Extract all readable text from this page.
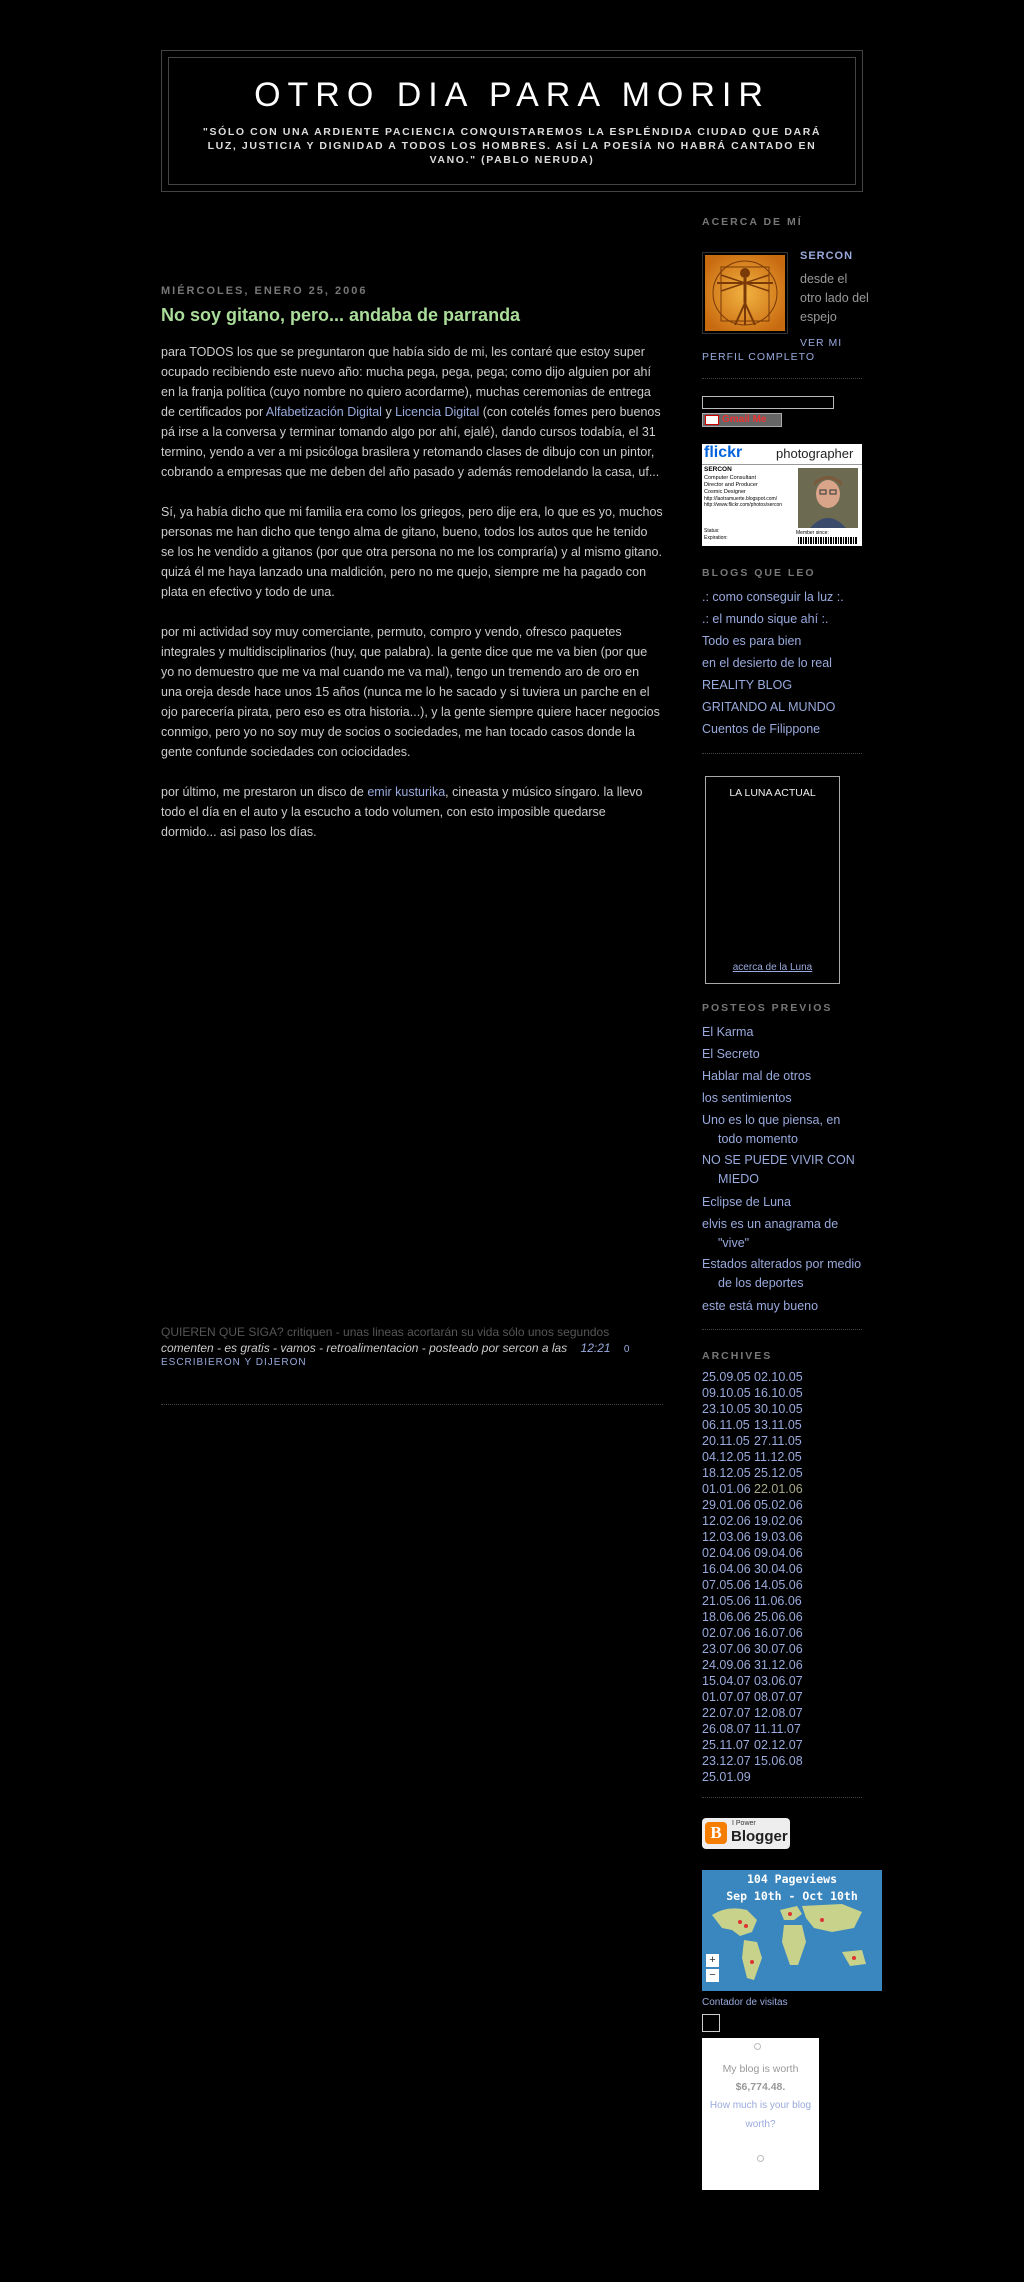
OTRO DIA PARA MORIR

"SÓLO CON UNA ARDIENTE PACIENCIA CONQUISTAREMOS LA ESPLÉNDIDA CIUDAD QUE DARÁ LUZ, JUSTICIA Y DIGNIDAD A TODOS LOS HOMBRES. ASÍ LA POESÍA NO HABRÁ CANTADO EN VANO." (PABLO NERUDA)

MIÉRCOLES, ENERO 25, 2006
No soy gitano, pero... andaba de parranda

para TODOS los que se preguntaron que había sido de mi, les contaré que estoy super ocupado recibiendo este nuevo año: mucha pega, pega, pega; como dijo alguien por ahí en la franja política (cuyo nombre no quiero acordarme), muchas ceremonias de entrega de certificados por Alfabetización Digital y Licencia Digital (con cotelés fomes pero buenos pá irse a la conversa y terminar tomando algo por ahí, ejalé), dando cursos todabía, el 31 termino, yendo a ver a mi psicóloga brasilera y retomando clases de dibujo con un pintor, cobrando a empresas que me deben del año pasado y además remodelando la casa, uf...

Sí, ya había dicho que mi familia era como los griegos, pero dije era, lo que es yo, muchos personas me han dicho que tengo alma de gitano, bueno, todos los autos que he tenido se los he vendido a gitanos (por que otra persona no me los compraría) y al mismo gitano. quizá él me haya lanzado una maldición, pero no me quejo, siempre me ha pagado con plata en efectivo y todo de una.

por mi actividad soy muy comerciante, permuto, compro y vendo, ofresco paquetes integrales y multidisciplinarios (huy, que palabra). la gente dice que me va bien (por que yo no demuestro que me va mal cuando me va mal), tengo un tremendo aro de oro en una oreja desde hace unos 15 años (nunca me lo he sacado y si tuviera un parche en el ojo parecería pirata, pero eso es otra historia...), y la gente siempre quiere hacer negocios conmigo, pero yo no soy muy de socios o sociedades, me han tocado casos donde la gente confunde sociedades con ociocidades.

por último, me prestaron un disco de emir kusturika, cineasta y músico síngaro. la llevo todo el día en el auto y la escucho a todo volumen, con esto imposible quedarse dormido... asi paso los días.

QUIEREN QUE SIGA? critiquen - unas lineas acortarán su vida sólo unos segundos
comenten - es gratis - vamos - retroalimentacion - posteado por sercon a las 12:21 0
ESCRIBIERON Y DIJERON
ACERCA DE MÍ
SERCON
desde el otro lado del espejo
VER MI

PERFIL COMPLETO
Gmail Me
flickr	photographer
SERCON
Computer Consultant
Director and Producer
Cosmic Designer
http://laotramuerte.blogspot.com/
http://www.flickr.com/photos/sercon
Status:
Expiration:
Member since:
BLOGS QUE LEO
.: como conseguir la luz :.
.: el mundo sique ahí :.
Todo es para bien
en el desierto de lo real
REALITY BLOG
GRITANDO AL MUNDO
Cuentos de Filippone
LA LUNA ACTUAL
acerca de la Luna
POSTEOS PREVIOS
El Karma
El Secreto
Hablar mal de otros
los sentimientos
Uno es lo que piensa, en todo momento
NO SE PUEDE VIVIR CON MIEDO
Eclipse de Luna
elvis es un anagrama de "vive"
Estados alterados por medio de los deportes
este está muy bueno
ARCHIVES
25.09.05 02.10.05
09.10.05 16.10.05
23.10.05 30.10.05
06.11.05 13.11.05
20.11.05 27.11.05
04.12.05 11.12.05
18.12.05 25.12.05
01.01.06 22.01.06
29.01.06 05.02.06
12.02.06 19.02.06
12.03.06 19.03.06
02.04.06 09.04.06
16.04.06 30.04.06
07.05.06 14.05.06
21.05.06 11.06.06
18.06.06 25.06.06
02.07.06 16.07.06
23.07.06 30.07.06
24.09.06 31.12.06
15.04.07 03.06.07
01.07.07 08.07.07
22.07.07 12.08.07
26.08.07 11.11.07
25.11.07 02.12.07
23.12.07 15.06.08
25.01.09
B	I Power
Blogger
104 Pageviews
Sep 10th - Oct 10th
+
−
Contador de visitas
My blog is worth
$6,774.48.
How much is your blog worth?
